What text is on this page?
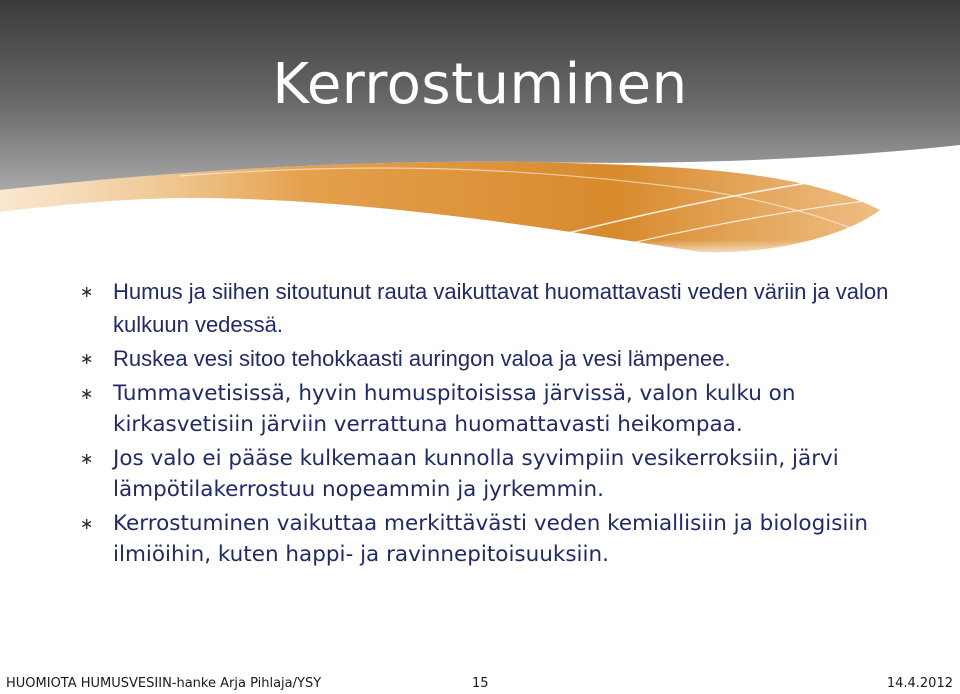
Kerrostuminen
∗ Humus ja siihen sitoutunut rauta vaikuttavat huomattavasti veden väriin ja valon kulkuun vedessä.
∗ Ruskea vesi sitoo tehokkaasti auringon valoa ja vesi lämpenee.
∗ Tummavetisissä, hyvin humuspitoisissa järvissä, valon kulku on kirkasvetisiin järviin verrattuna huomattavasti heikompaa.
∗ Jos valo ei pääse kulkemaan kunnolla syvimpiin vesikerroksiin, järvi lämpötilakerrostuu nopeammin ja jyrkemmin.
∗ Kerrostuminen vaikuttaa merkittävästi veden kemiallisiin ja biologisiin ilmiöihin, kuten happi- ja ravinnepitoisuuksiin.
HUOMIOTA HUMUSVESIIN-hanke Arja Pihlaja/YSY	15	14.4.2012
